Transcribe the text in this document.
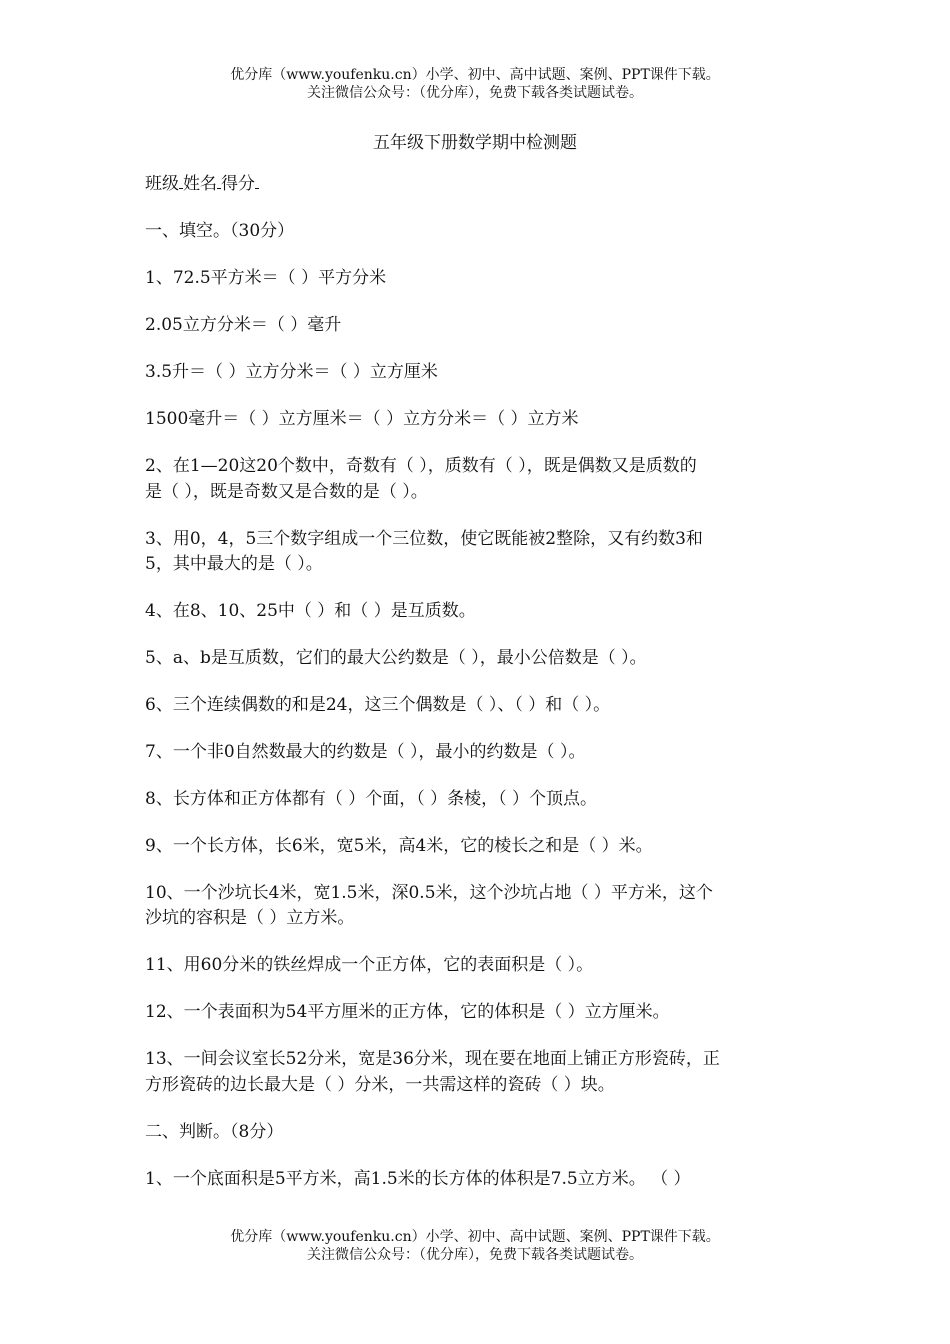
优分库（www.youfenku.cn）小学、初中、高中试题、案例、PPT课件下载。
关注微信公众号：（优分库），免费下载各类试题试卷。
五年级下册数学期中检测题
班级 姓名 得分
一、填空。（30分）
1、72.5平方米＝（ ）平方分米
2.05立方分米＝（ ）毫升
3.5升＝（ ）立方分米＝（ ）立方厘米
1500毫升＝（ ）立方厘米＝（ ）立方分米＝（ ）立方米
2、在1—20这20个数中，奇数有（ ），质数有（ ），既是偶数又是质数的
是（ ），既是奇数又是合数的是（ ）。
3、用0，4，5三个数字组成一个三位数，使它既能被2整除，又有约数3和
5，其中最大的是（ ）。
4、在8、10、25中（ ）和（ ）是互质数。
5、a、b是互质数，它们的最大公约数是（ ），最小公倍数是（ ）。
6、三个连续偶数的和是24，这三个偶数是（ ）、（ ）和（ ）。
7、一个非0自然数最大的约数是（ ），最小的约数是（ ）。
8、长方体和正方体都有（ ）个面，（ ）条棱，（ ）个顶点。
9、一个长方体，长6米，宽5米，高4米，它的棱长之和是（ ）米。
10、一个沙坑长4米，宽1.5米，深0.5米，这个沙坑占地（ ）平方米，这个
沙坑的容积是（ ）立方米。
11、用60分米的铁丝焊成一个正方体，它的表面积是（ ）。
12、一个表面积为54平方厘米的正方体，它的体积是（ ）立方厘米。
13、一间会议室长52分米，宽是36分米，现在要在地面上铺正方形瓷砖，正
方形瓷砖的边长最大是（ ）分米，一共需这样的瓷砖（ ）块。
二、判断。（8分）
1、一个底面积是5平方米，高1.5米的长方体的体积是7.5立方米。 （ ）
优分库（www.youfenku.cn）小学、初中、高中试题、案例、PPT课件下载。
关注微信公众号：（优分库），免费下载各类试题试卷。
